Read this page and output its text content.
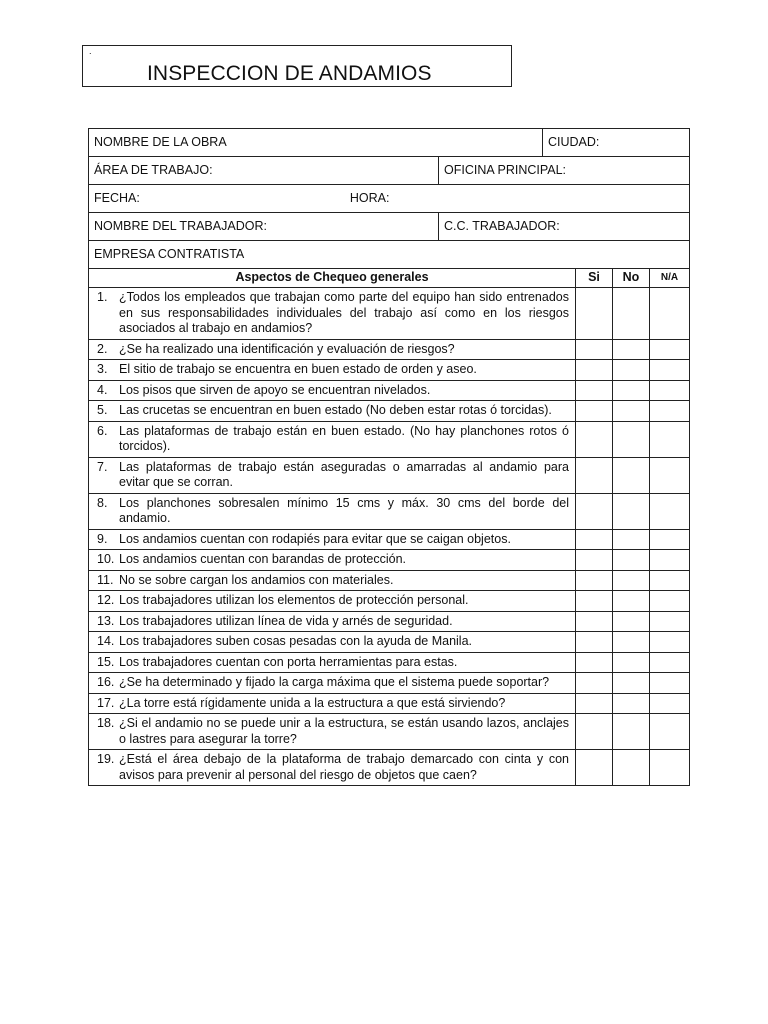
.
INSPECCION DE ANDAMIOS
NOMBRE DE LA OBRA		CIUDAD:
ÁREA DE TRABAJO:	OFICINA PRINCIPAL:	
FECHA: HORA:		
NOMBRE DEL TRABAJADOR:	C.C. TRABAJADOR:	
EMPRESA CONTRATISTA		
Aspectos de Chequeo generales	Si	No	N/A

1. ¿Todos los empleados que trabajan como parte del equipo han sido entrenados en sus responsabilidades individuales del trabajo así como en los riesgos asociados al trabajo en andamios?			

2. ¿Se ha realizado una identificación y evaluación de riesgos?			

3. El sitio de trabajo se encuentra en buen estado de orden y aseo.			

4. Los pisos que sirven de apoyo se encuentran nivelados.			

5. Las crucetas se encuentran en buen estado (No deben estar rotas ó torcidas).			

6. Las plataformas de trabajo están en buen estado. (No hay planchones rotos ó torcidos).			

7. Las plataformas de trabajo están aseguradas o amarradas al andamio para evitar que se corran.			

8. Los planchones sobresalen mínimo 15 cms y máx. 30 cms del borde del andamio.			

9. Los andamios cuentan con rodapiés para evitar que se caigan objetos.			

10. Los andamios cuentan con barandas de protección.			

11. No se sobre cargan los andamios con materiales.			

12. Los trabajadores utilizan los elementos de protección personal.			

13. Los trabajadores utilizan línea de vida y arnés de seguridad.			

14. Los trabajadores suben cosas pesadas con la ayuda de Manila.			

15. Los trabajadores cuentan con porta herramientas para estas.			

16. ¿Se ha determinado y fijado la carga máxima que el sistema puede soportar?			

17. ¿La torre está rígidamente unida a la estructura a que está sirviendo?			

18. ¿Si el andamio no se puede unir a la estructura, se están usando lazos, anclajes o lastres para asegurar la torre?			

19. ¿Está el área debajo de la plataforma de trabajo demarcado con cinta y con avisos para prevenir al personal del riesgo de objetos que caen?			
